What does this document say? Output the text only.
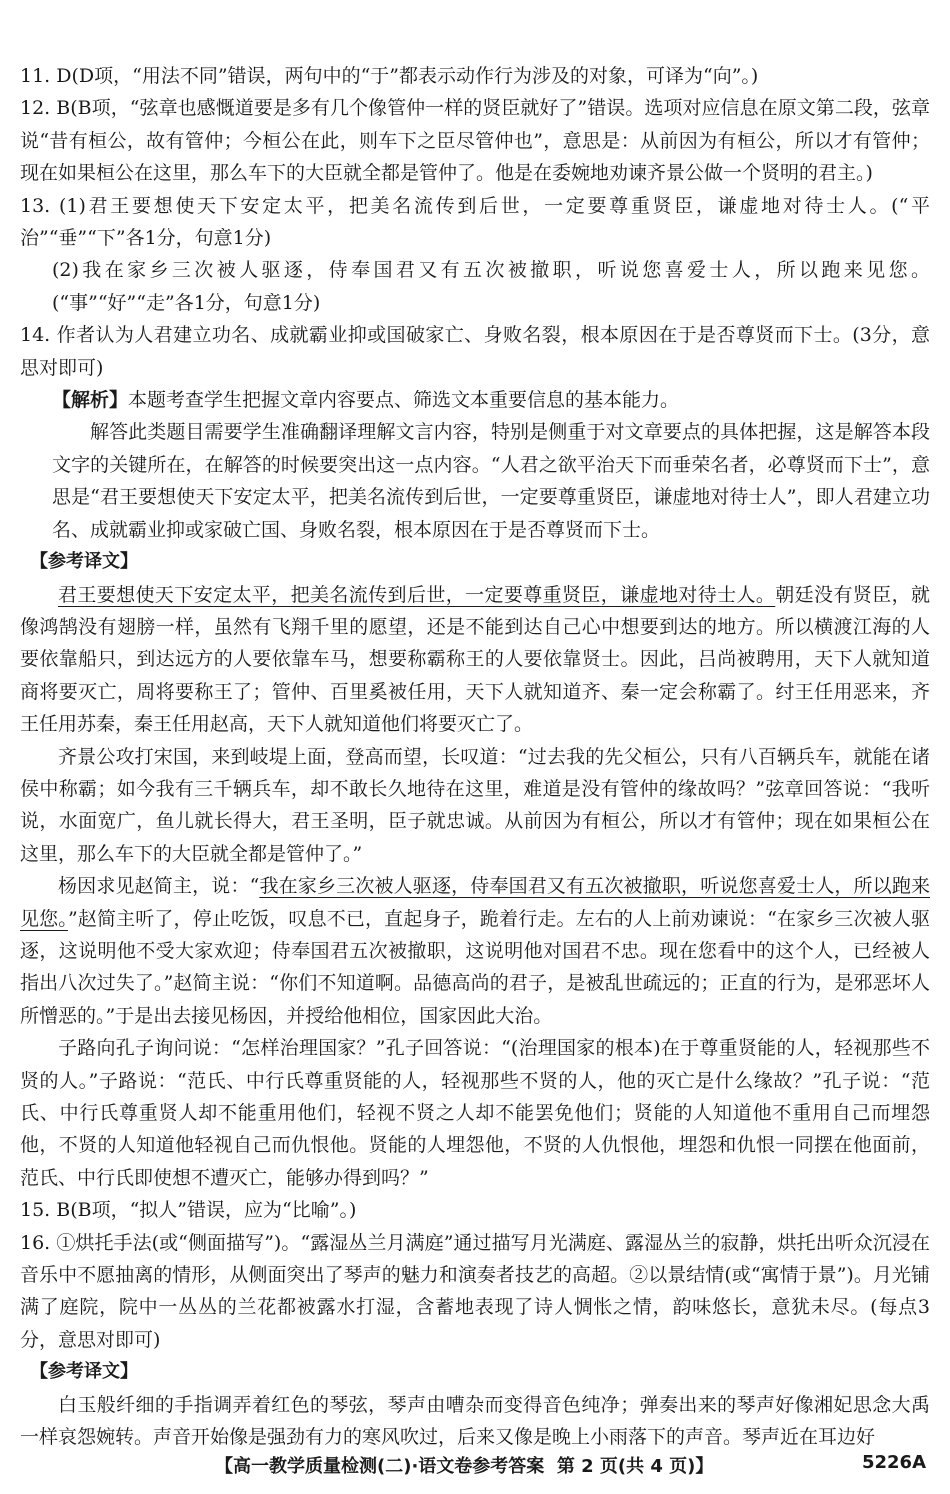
11. D(D项，“用法不同”错误，两句中的“于”都表示动作行为涉及的对象，可译为“向”。)

12. B(B项，“弦章也感慨道要是多有几个像管仲一样的贤臣就好了”错误。选项对应信息在原文第二段，弦章说“昔有桓公，故有管仲；今桓公在此，则车下之臣尽管仲也”，意思是：从前因为有桓公，所以才有管仲；现在如果桓公在这里，那么车下的大臣就全都是管仲了。他是在委婉地劝谏齐景公做一个贤明的君主。)

13. (1)君王要想使天下安定太平，把美名流传到后世，一定要尊重贤臣，谦虚地对待士人。(“平治”“垂”“下”各1分，句意1分)

(2)我在家乡三次被人驱逐，侍奉国君又有五次被撤职，听说您喜爱士人，所以跑来见您。(“事”“好”“走”各1分，句意1分)

14. 作者认为人君建立功名、成就霸业抑或国破家亡、身败名裂，根本原因在于是否尊贤而下士。(3分，意思对即可)

【解析】本题考查学生把握文章内容要点、筛选文本重要信息的基本能力。

解答此类题目需要学生准确翻译理解文言内容，特别是侧重于对文章要点的具体把握，这是解答本段文字的关键所在，在解答的时候要突出这一点内容。“人君之欲平治天下而垂荣名者，必尊贤而下士”，意思是“君王要想使天下安定太平，把美名流传到后世，一定要尊重贤臣，谦虚地对待士人”，即人君建立功名、成就霸业抑或家破亡国、身败名裂，根本原因在于是否尊贤而下士。

【参考译文】

君王要想使天下安定太平，把美名流传到后世，一定要尊重贤臣，谦虚地对待士人。朝廷没有贤臣，就像鸿鹄没有翅膀一样，虽然有飞翔千里的愿望，还是不能到达自己心中想要到达的地方。所以横渡江海的人要依靠船只，到达远方的人要依靠车马，想要称霸称王的人要依靠贤士。因此，吕尚被聘用，天下人就知道商将要灭亡，周将要称王了；管仲、百里奚被任用，天下人就知道齐、秦一定会称霸了。纣王任用恶来，齐王任用苏秦，秦王任用赵高，天下人就知道他们将要灭亡了。

齐景公攻打宋国，来到岐堤上面，登高而望，长叹道：“过去我的先父桓公，只有八百辆兵车，就能在诸侯中称霸；如今我有三千辆兵车，却不敢长久地待在这里，难道是没有管仲的缘故吗？”弦章回答说：“我听说，水面宽广，鱼儿就长得大，君王圣明，臣子就忠诚。从前因为有桓公，所以才有管仲；现在如果桓公在这里，那么车下的大臣就全都是管仲了。”

杨因求见赵简主，说：“我在家乡三次被人驱逐，侍奉国君又有五次被撤职，听说您喜爱士人，所以跑来见您。”赵简主听了，停止吃饭，叹息不已，直起身子，跪着行走。左右的人上前劝谏说：“在家乡三次被人驱逐，这说明他不受大家欢迎；侍奉国君五次被撤职，这说明他对国君不忠。现在您看中的这个人，已经被人指出八次过失了。”赵简主说：“你们不知道啊。品德高尚的君子，是被乱世疏远的；正直的行为，是邪恶坏人所憎恶的。”于是出去接见杨因，并授给他相位，国家因此大治。

子路向孔子询问说：“怎样治理国家？”孔子回答说：“(治理国家的根本)在于尊重贤能的人，轻视那些不贤的人。”子路说：“范氏、中行氏尊重贤能的人，轻视那些不贤的人，他的灭亡是什么缘故？”孔子说：“范氏、中行氏尊重贤人却不能重用他们，轻视不贤之人却不能罢免他们；贤能的人知道他不重用自己而埋怨他，不贤的人知道他轻视自己而仇恨他。贤能的人埋怨他，不贤的人仇恨他，埋怨和仇恨一同摆在他面前，范氏、中行氏即使想不遭灭亡，能够办得到吗？”

15. B(B项，“拟人”错误，应为“比喻”。)

16. ①烘托手法(或“侧面描写”)。“露湿丛兰月满庭”通过描写月光满庭、露湿丛兰的寂静，烘托出听众沉浸在音乐中不愿抽离的情形，从侧面突出了琴声的魅力和演奏者技艺的高超。②以景结情(或“寓情于景”)。月光铺满了庭院，院中一丛丛的兰花都被露水打湿，含蓄地表现了诗人惆怅之情，韵味悠长，意犹未尽。(每点3分，意思对即可)

【参考译文】

白玉般纤细的手指调弄着红色的琴弦，琴声由嘈杂而变得音色纯净；弹奏出来的琴声好像湘妃思念大禹一样哀怨婉转。声音开始像是强劲有力的寒风吹过，后来又像是晚上小雨落下的声音。琴声近在耳边好

【高一教学质量检测(二)·语文卷参考答案 第 2 页(共 4 页)】	5226A
